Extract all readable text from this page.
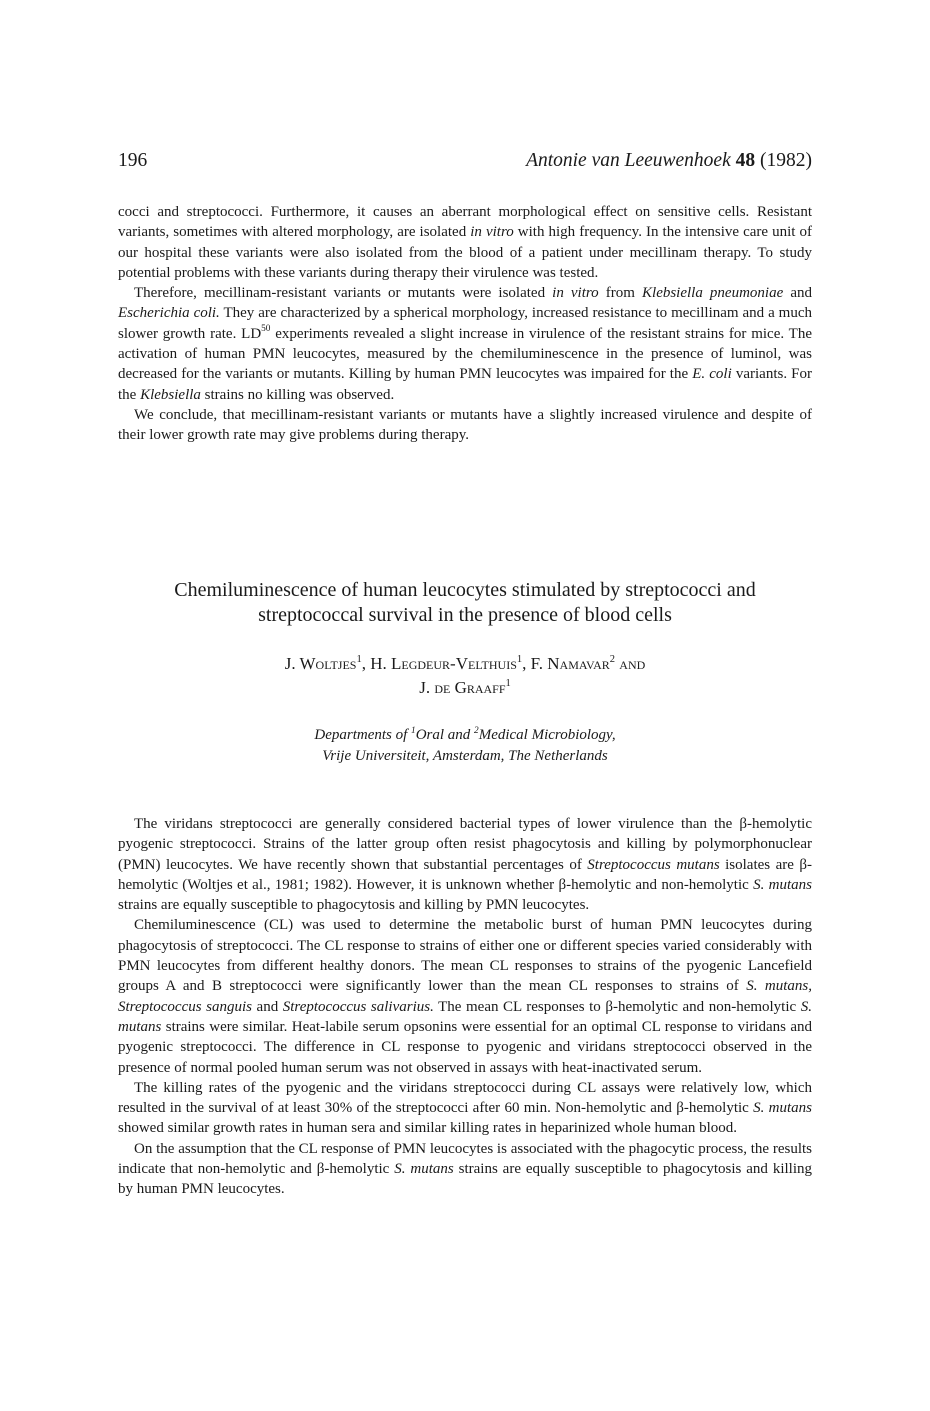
196	Antonie van Leeuwenhoek 48 (1982)

cocci and streptococci. Furthermore, it causes an aberrant morphological effect on sensitive cells. Resistant variants, sometimes with altered morphology, are isolated in vitro with high frequency. In the intensive care unit of our hospital these variants were also isolated from the blood of a patient under mecillinam therapy. To study potential problems with these variants during therapy their virulence was tested.

Therefore, mecillinam-resistant variants or mutants were isolated in vitro from Klebsiella pneumoniae and Escherichia coli. They are characterized by a spherical morphology, increased resistance to mecillinam and a much slower growth rate. LD$^{50}$ experiments revealed a slight increase in virulence of the resistant strains for mice. The activation of human PMN leucocytes, measured by the chemiluminescence in the presence of luminol, was decreased for the variants or mutants. Killing by human PMN leucocytes was impaired for the E. coli variants. For the Klebsiella strains no killing was observed.

We conclude, that mecillinam-resistant variants or mutants have a slightly increased virulence and despite of their lower growth rate may give problems during therapy.

Chemiluminescence of human leucocytes stimulated by streptococci and
streptococcal survival in the presence of blood cells
J. Woltjes$^1$, H. Legdeur-Velthuis$^1$, F. Namavar$^2$ and
J. de Graaff$^1$
Departments of $^1$Oral and $^2$Medical Microbiology,
Vrije Universiteit, Amsterdam, The Netherlands

The viridans streptococci are generally considered bacterial types of lower virulence than the β-hemolytic pyogenic streptococci. Strains of the latter group often resist phagocytosis and killing by polymorphonuclear (PMN) leucocytes. We have recently shown that substantial percentages of Streptococcus mutans isolates are β-hemolytic (Woltjes et al., 1981; 1982). However, it is unknown whether β-hemolytic and non-hemolytic S. mutans strains are equally susceptible to phagocytosis and killing by PMN leucocytes.

Chemiluminescence (CL) was used to determine the metabolic burst of human PMN leucocytes during phagocytosis of streptococci. The CL response to strains of either one or different species varied considerably with PMN leucocytes from different healthy donors. The mean CL responses to strains of the pyogenic Lancefield groups A and B streptococci were significantly lower than the mean CL responses to strains of S. mutans, Streptococcus sanguis and Streptococcus salivarius. The mean CL responses to β-hemolytic and non-hemolytic S. mutans strains were similar. Heat-labile serum opsonins were essential for an optimal CL response to viridans and pyogenic streptococci. The difference in CL response to pyogenic and viridans streptococci observed in the presence of normal pooled human serum was not observed in assays with heat-inactivated serum.

The killing rates of the pyogenic and the viridans streptococci during CL assays were relatively low, which resulted in the survival of at least 30% of the streptococci after 60 min. Non-hemolytic and β-hemolytic S. mutans showed similar growth rates in human sera and similar killing rates in heparinized whole human blood.

On the assumption that the CL response of PMN leucocytes is associated with the phagocytic process, the results indicate that non-hemolytic and β-hemolytic S. mutans strains are equally susceptible to phagocytosis and killing by human PMN leucocytes.
